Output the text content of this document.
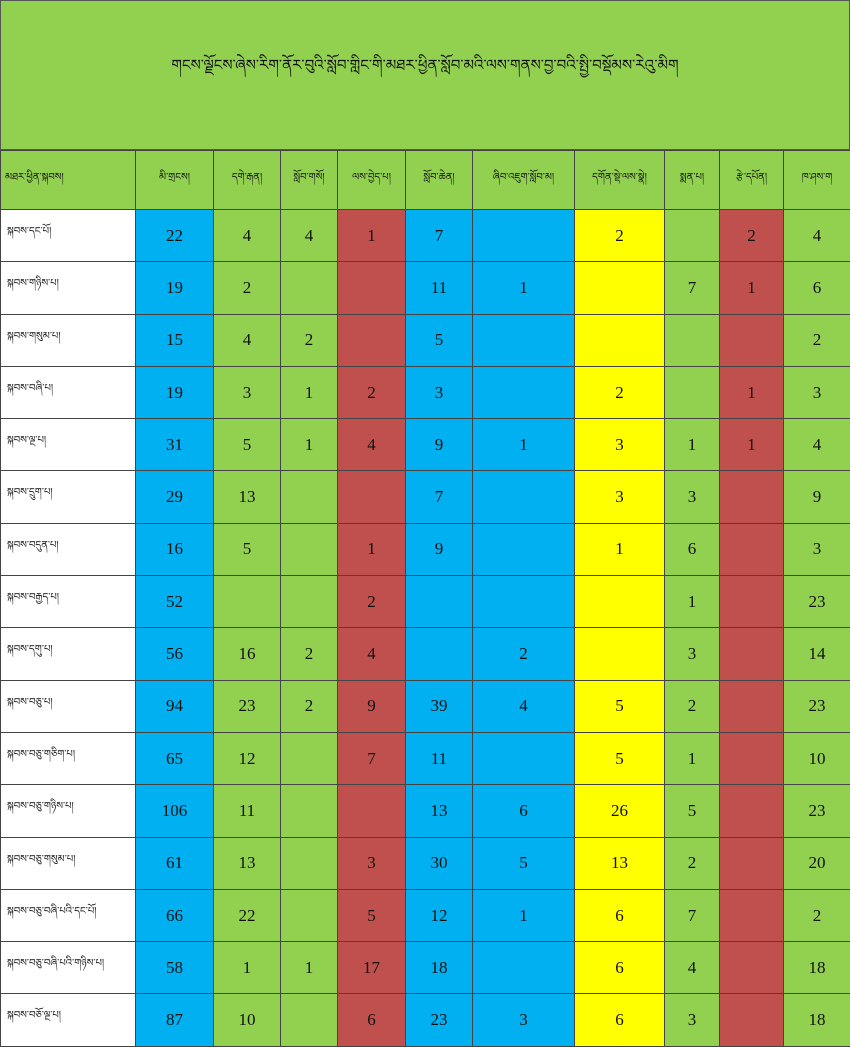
གངས་ལྗོངས་ཞེས་རིག་ནོར་བུའི་སློབ་གླིང་གི་མཐར་ཕྱིན་སློབ་མའི་ལས་གནས་བྱ་བའི་སྤྱི་བསྡོམས་རེའུ་མིག
མཐར་ཕྱིན་སྐབས།	མི་གྲངས།	དགེ་རྒན།	སློབ་གསོ།	ལས་བྱེད་པ།	སློབ་ཆེན།	ཞིབ་འཇུག་སློབ་མ།	དགོན་སྡེ་ལས་སྣེ།	སྨན་པ།	རྩེ་དཔོན།	ཁ་ཤས་ག
སྐབས་དང་པོ།	22	4	4	1	7		2		2	4
སྐབས་གཉིས་པ།	19	2			11	1		7	1	6
སྐབས་གསུམ་པ།	15	4	2		5					2
སྐབས་བཞི་པ།	19	3	1	2	3		2		1	3
སྐབས་ལྔ་པ།	31	5	1	4	9	1	3	1	1	4
སྐབས་དྲུག་པ།	29	13			7		3	3		9
སྐབས་བདུན་པ།	16	5		1	9		1	6		3
སྐབས་བརྒྱད་པ།	52			2				1		23
སྐབས་དགུ་པ།	56	16	2	4		2		3		14
སྐབས་བཅུ་པ།	94	23	2	9	39	4	5	2		23
སྐབས་བཅུ་གཅིག་པ།	65	12		7	11		5	1		10
སྐབས་བཅུ་གཉིས་པ།	106	11			13	6	26	5		23
སྐབས་བཅུ་གསུམ་པ།	61	13		3	30	5	13	2		20
སྐབས་བཅུ་བཞི་པའི་དང་པོ།	66	22		5	12	1	6	7		2
སྐབས་བཅུ་བཞི་པའི་གཉིས་པ།	58	1	1	17	18		6	4		18
སྐབས་བཅོ་ལྔ་པ།	87	10		6	23	3	6	3		18
